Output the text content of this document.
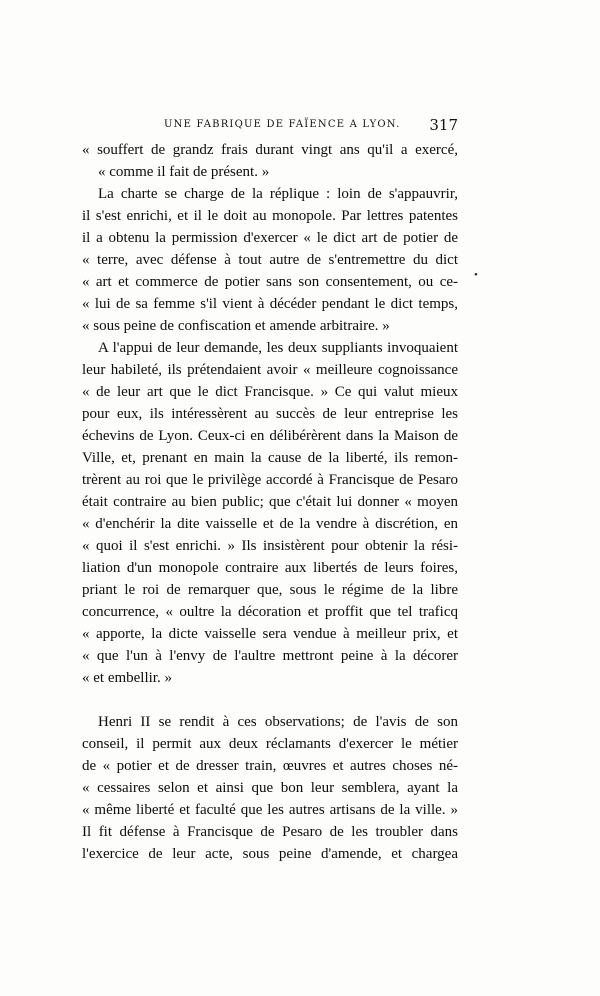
UNE FABRIQUE DE FAÏENCE A LYON. 317
•
« souffert de grandz frais durant vingt ans qu'il a exercé,
« comme il fait de présent. »
La charte se charge de la réplique : loin de s'appauvrir,
il s'est enrichi, et il le doit au monopole. Par lettres patentes
il a obtenu la permission d'exercer « le dict art de potier de
« terre, avec défense à tout autre de s'entremettre du dict
« art et commerce de potier sans son consentement, ou ce-
« lui de sa femme s'il vient à décéder pendant le dict temps,
« sous peine de confiscation et amende arbitraire. »
A l'appui de leur demande, les deux suppliants invoquaient
leur habileté, ils prétendaient avoir « meilleure cognoissance
« de leur art que le dict Francisque. » Ce qui valut mieux
pour eux, ils intéressèrent au succès de leur entreprise les
échevins de Lyon. Ceux-ci en délibérèrent dans la Maison de
Ville, et, prenant en main la cause de la liberté, ils remon-
trèrent au roi que le privilège accordé à Francisque de Pesaro
était contraire au bien public; que c'était lui donner « moyen
« d'enchérir la dite vaisselle et de la vendre à discrétion, en
« quoi il s'est enrichi. » Ils insistèrent pour obtenir la rési-
liation d'un monopole contraire aux libertés de leurs foires,
priant le roi de remarquer que, sous le régime de la libre
concurrence, « oultre la décoration et proffit que tel traficq
« apporte, la dicte vaisselle sera vendue à meilleur prix, et
« que l'un à l'envy de l'aultre mettront peine à la décorer
« et embellir. »
Henri II se rendit à ces observations; de l'avis de son
conseil, il permit aux deux réclamants d'exercer le métier
de « potier et de dresser train, œuvres et autres choses né-
« cessaires selon et ainsi que bon leur semblera, ayant la
« même liberté et faculté que les autres artisans de la ville. »
Il fit défense à Francisque de Pesaro de les troubler dans
l'exercice de leur acte, sous peine d'amende, et chargea
